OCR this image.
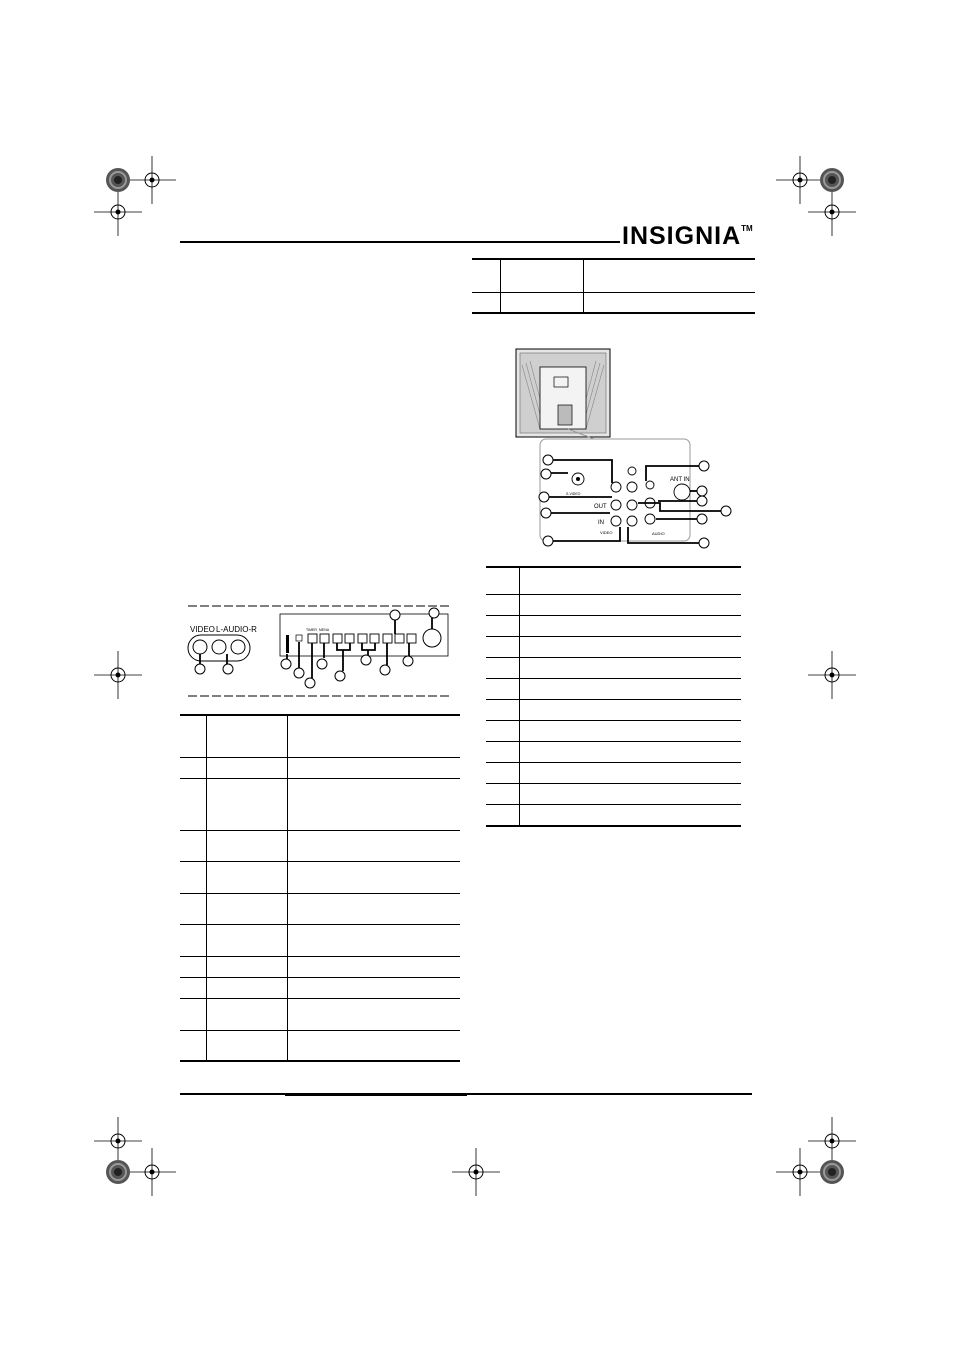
INSIGNIA™

ANT IN
OUT
IN
VIDEO	AUDIO
S-VIDEO

VIDEO L-AUDIO-R	TIMER MENU
